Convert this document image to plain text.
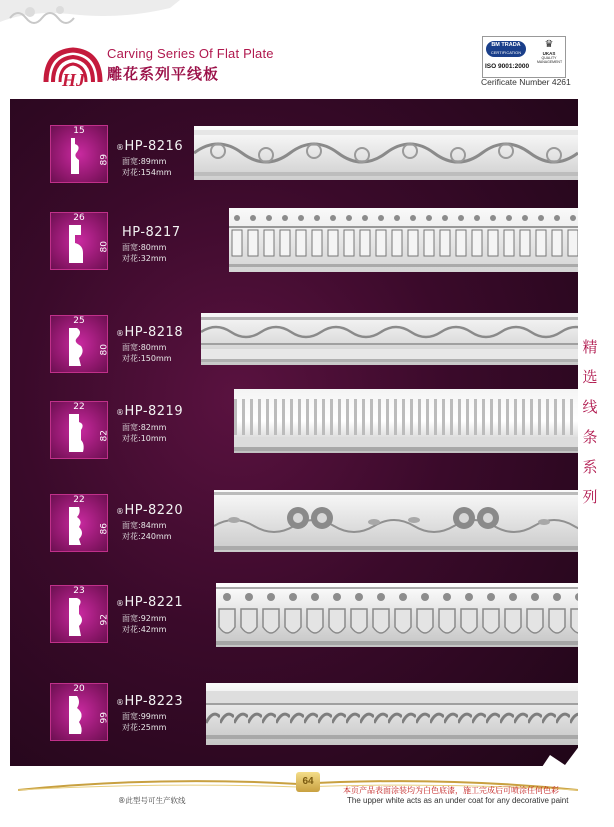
HJ
Carving Series Of Flat Plate
雕花系列平线板
BM TRADA
CERTIFICATION
♛
UKAS
QUALITY MANAGEMENT
ISO 9001:2000
Cerificate Number 4261
15
89
®HP-8216
面宽:89mm
对花:154mm
26
80
HP-8217
面宽:80mm
对花:32mm
25
80
®HP-8218
面宽:80mm
对花:150mm
22
82
®HP-8219
面宽:82mm
对花:10mm
22
86
®HP-8220
面宽:84mm
对花:240mm
23
92
®HP-8221
面宽:92mm
对花:42mm
20
99
®HP-8223
面宽:99mm
对花:25mm
精
选
线
条
系
列
64
本页产品表面涂装均为白色底漆，施工完成后可喷涂任何色彩
The upper white acts as an under coat for any decorative paint
®此型号可生产软线
